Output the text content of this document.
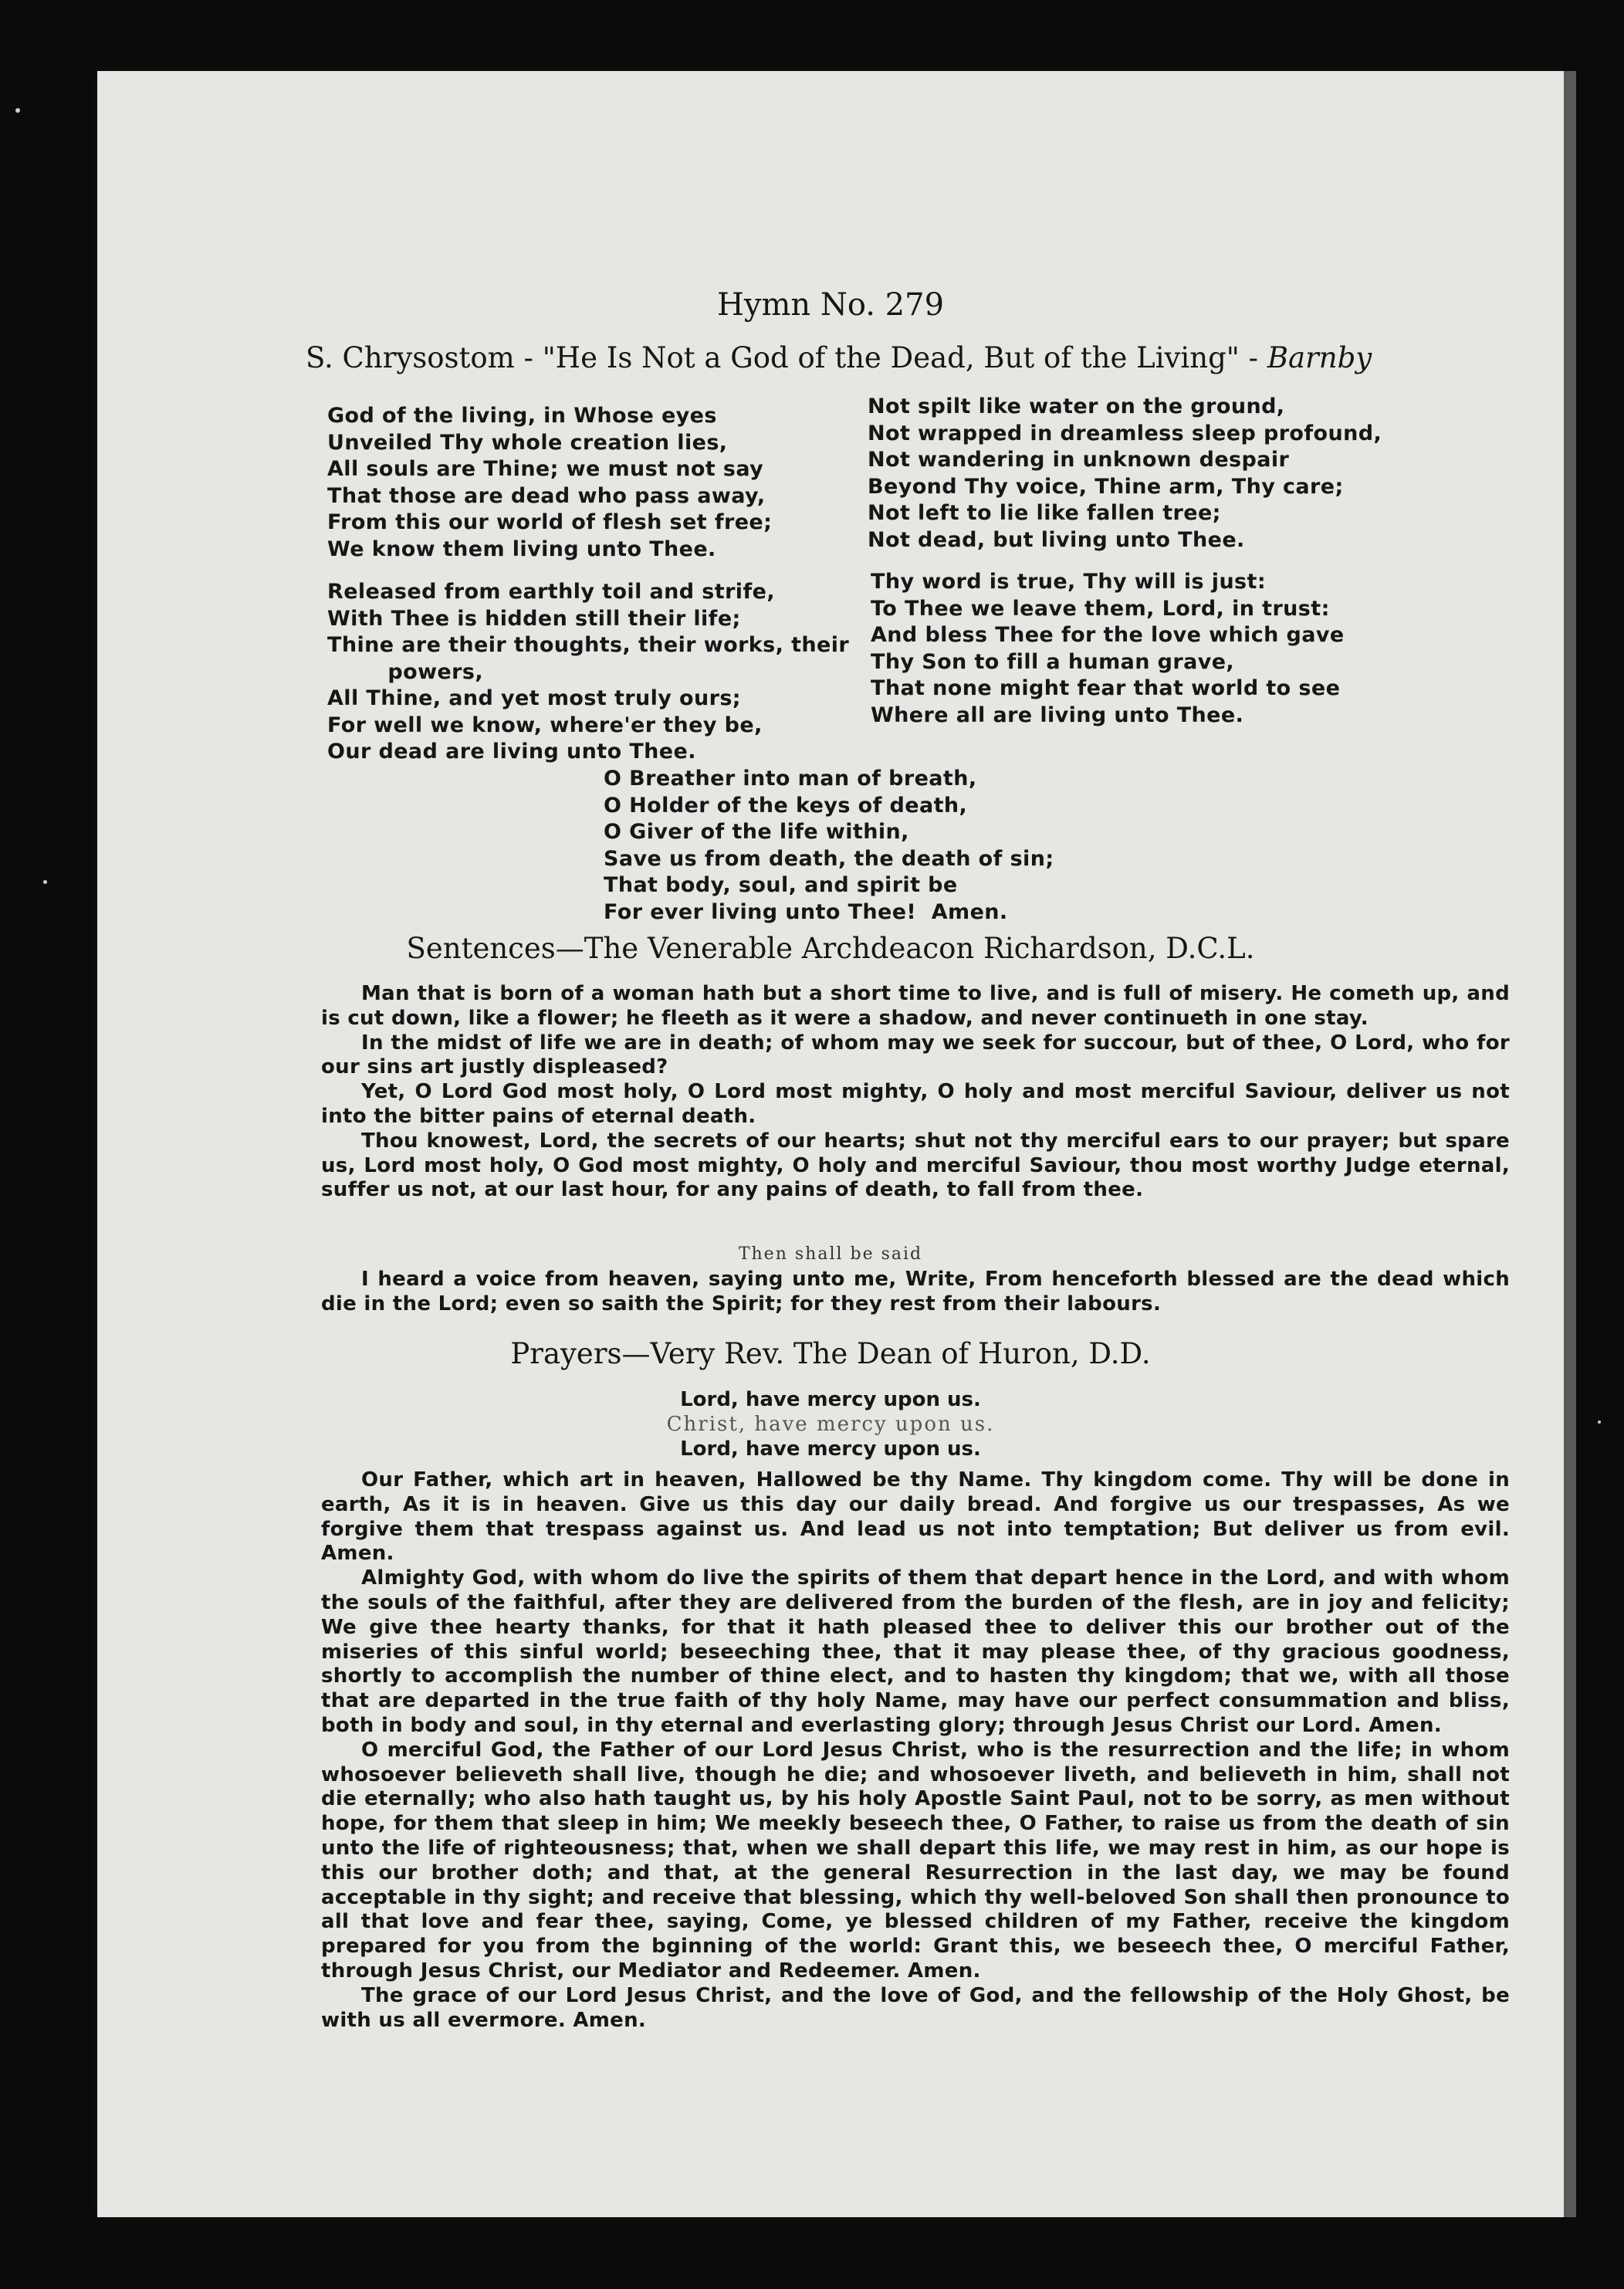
Hymn No. 279
S. Chrysostom - "He Is Not a God of the Dead, But of the Living" - Barnby
God of the living, in Whose eyes
Unveiled Thy whole creation lies,
All souls are Thine; we must not say
That those are dead who pass away,
From this our world of flesh set free;
We know them living unto Thee.
Released from earthly toil and strife,
With Thee is hidden still their life;
Thine are their thoughts, their works, their
powers,
All Thine, and yet most truly ours;
For well we know, where'er they be,
Our dead are living unto Thee.
Not spilt like water on the ground,
Not wrapped in dreamless sleep profound,
Not wandering in unknown despair
Beyond Thy voice, Thine arm, Thy care;
Not left to lie like fallen tree;
Not dead, but living unto Thee.
Thy word is true, Thy will is just:
To Thee we leave them, Lord, in trust:
And bless Thee for the love which gave
Thy Son to fill a human grave,
That none might fear that world to see
Where all are living unto Thee.
O Breather into man of breath,
O Holder of the keys of death,
O Giver of the life within,
Save us from death, the death of sin;
That body, soul, and spirit be
For ever living unto Thee!  Amen.
Sentences—The Venerable Archdeacon Richardson, D.C.L.

Man that is born of a woman hath but a short time to live, and is full of misery. He cometh up, and is cut down, like a flower; he fleeth as it were a shadow, and never continueth in one stay.

In the midst of life we are in death; of whom may we seek for succour, but of thee, O Lord, who for our sins art justly displeased?

Yet, O Lord God most holy, O Lord most mighty, O holy and most merciful Saviour, deliver us not into the bitter pains of eternal death.

Thou knowest, Lord, the secrets of our hearts; shut not thy merciful ears to our prayer; but spare us, Lord most holy, O God most mighty, O holy and merciful Saviour, thou most worthy Judge eternal, suffer us not, at our last hour, for any pains of death, to fall from thee.

Then shall be said

I heard a voice from heaven, saying unto me, Write, From henceforth blessed are the dead which die in the Lord; even so saith the Spirit; for they rest from their labours.

Prayers—Very Rev. The Dean of Huron, D.D.
Lord, have mercy upon us.
Christ, have mercy upon us.
Lord, have mercy upon us.

Our Father, which art in heaven, Hallowed be thy Name. Thy kingdom come. Thy will be done in earth, As it is in heaven. Give us this day our daily bread. And forgive us our trespasses, As we forgive them that trespass against us. And lead us not into temptation; But deliver us from evil. Amen.

Almighty God, with whom do live the spirits of them that depart hence in the Lord, and with whom the souls of the faithful, after they are delivered from the burden of the flesh, are in joy and felicity; We give thee hearty thanks, for that it hath pleased thee to deliver this our brother out of the miseries of this sinful world; beseeching thee, that it may please thee, of thy gracious goodness, shortly to accomplish the number of thine elect, and to hasten thy kingdom; that we, with all those that are departed in the true faith of thy holy Name, may have our perfect consummation and bliss, both in body and soul, in thy eternal and everlasting glory; through Jesus Christ our Lord. Amen.

O merciful God, the Father of our Lord Jesus Christ, who is the resurrection and the life; in whom whosoever believeth shall live, though he die; and whosoever liveth, and believeth in him, shall not die eternally; who also hath taught us, by his holy Apostle Saint Paul, not to be sorry, as men without hope, for them that sleep in him; We meekly beseech thee, O Father, to raise us from the death of sin unto the life of righteousness; that, when we shall depart this life, we may rest in him, as our hope is this our brother doth; and that, at the general Resurrection in the last day, we may be found acceptable in thy sight; and receive that blessing, which thy well-beloved Son shall then pronounce to all that love and fear thee, saying, Come, ye blessed children of my Father, receive the kingdom prepared for you from the bginning of the world: Grant this, we beseech thee, O merciful Father, through Jesus Christ, our Mediator and Redeemer. Amen.

The grace of our Lord Jesus Christ, and the love of God, and the fellowship of the Holy Ghost, be with us all evermore. Amen.
